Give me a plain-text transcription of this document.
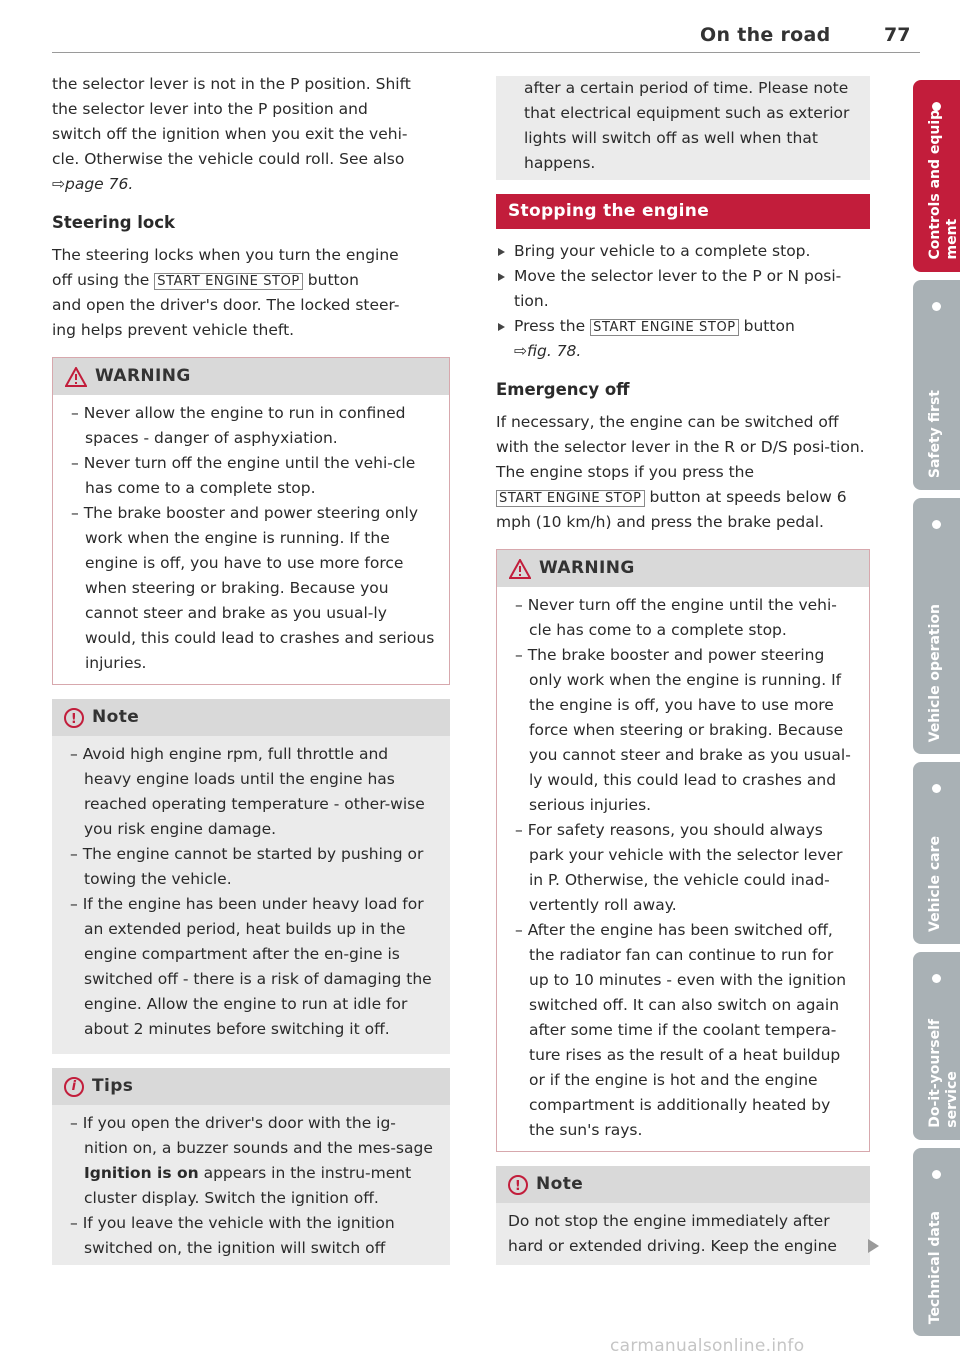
On the road	77

the selector lever is not in the P position. Shift

the selector lever into the P position and

switch off the ignition when you exit the vehi-

cle. Otherwise the vehicle could roll. See also

⇨page 76.

Steering lock

The steering locks when you turn the engine

off using the START ENGINE STOP button

and open the driver's door. The locked steer-

ing helps prevent vehicle theft.

WARNING
– Never allow the engine to run in confined spaces - danger of asphyxiation.
– Never turn off the engine until the vehi-cle has come to a complete stop.
– The brake booster and power steering only work when the engine is running. If the engine is off, you have to use more force when steering or braking. Because you cannot steer and brake as you usual-ly would, this could lead to crashes and serious injuries.
! Note
– Avoid high engine rpm, full throttle and heavy engine loads until the engine has reached operating temperature - other-wise you risk engine damage.
– The engine cannot be started by pushing or towing the vehicle.
– If the engine has been under heavy load for an extended period, heat builds up in the engine compartment after the en-gine is switched off - there is a risk of damaging the engine. Allow the engine to run at idle for about 2 minutes before switching it off.
i Tips
– If you open the driver's door with the ig-nition on, a buzzer sounds and the mes-sage Ignition is on appears in the instru-ment cluster display. Switch the ignition off.
– If you leave the vehicle with the ignition switched on, the ignition will switch off
after a certain period of time. Please note that electrical equipment such as exterior lights will switch off as well when that happens.
Stopping the engine
Bring your vehicle to a complete stop.
Move the selector lever to the P or N posi-tion.
Press the START ENGINE STOP button
⇨fig. 78.
Emergency off

If necessary, the engine can be switched off with the selector lever in the R or D/S posi-tion. The engine stops if you press the START ENGINE STOP button at speeds below 6 mph (10 km/h) and press the brake pedal.

WARNING
– Never turn off the engine until the vehi-cle has come to a complete stop.
– The brake booster and power steering only work when the engine is running. If the engine is off, you have to use more force when steering or braking. Because you cannot steer and brake as you usual-ly would, this could lead to crashes and serious injuries.
– For safety reasons, you should always park your vehicle with the selector lever in P. Otherwise, the vehicle could inad-vertently roll away.
– After the engine has been switched off, the radiator fan can continue to run for up to 10 minutes - even with the ignition switched off. It can also switch on again after some time if the coolant tempera-ture rises as the result of a heat buildup or if the engine is hot and the engine compartment is additionally heated by the sun's rays.
! Note

Do not stop the engine immediately after hard or extended driving. Keep the engine

Controls and equip-
ment
Safety first
Vehicle operation
Vehicle care
Do-it-yourself
service
Technical data
carmanualsonline.info
